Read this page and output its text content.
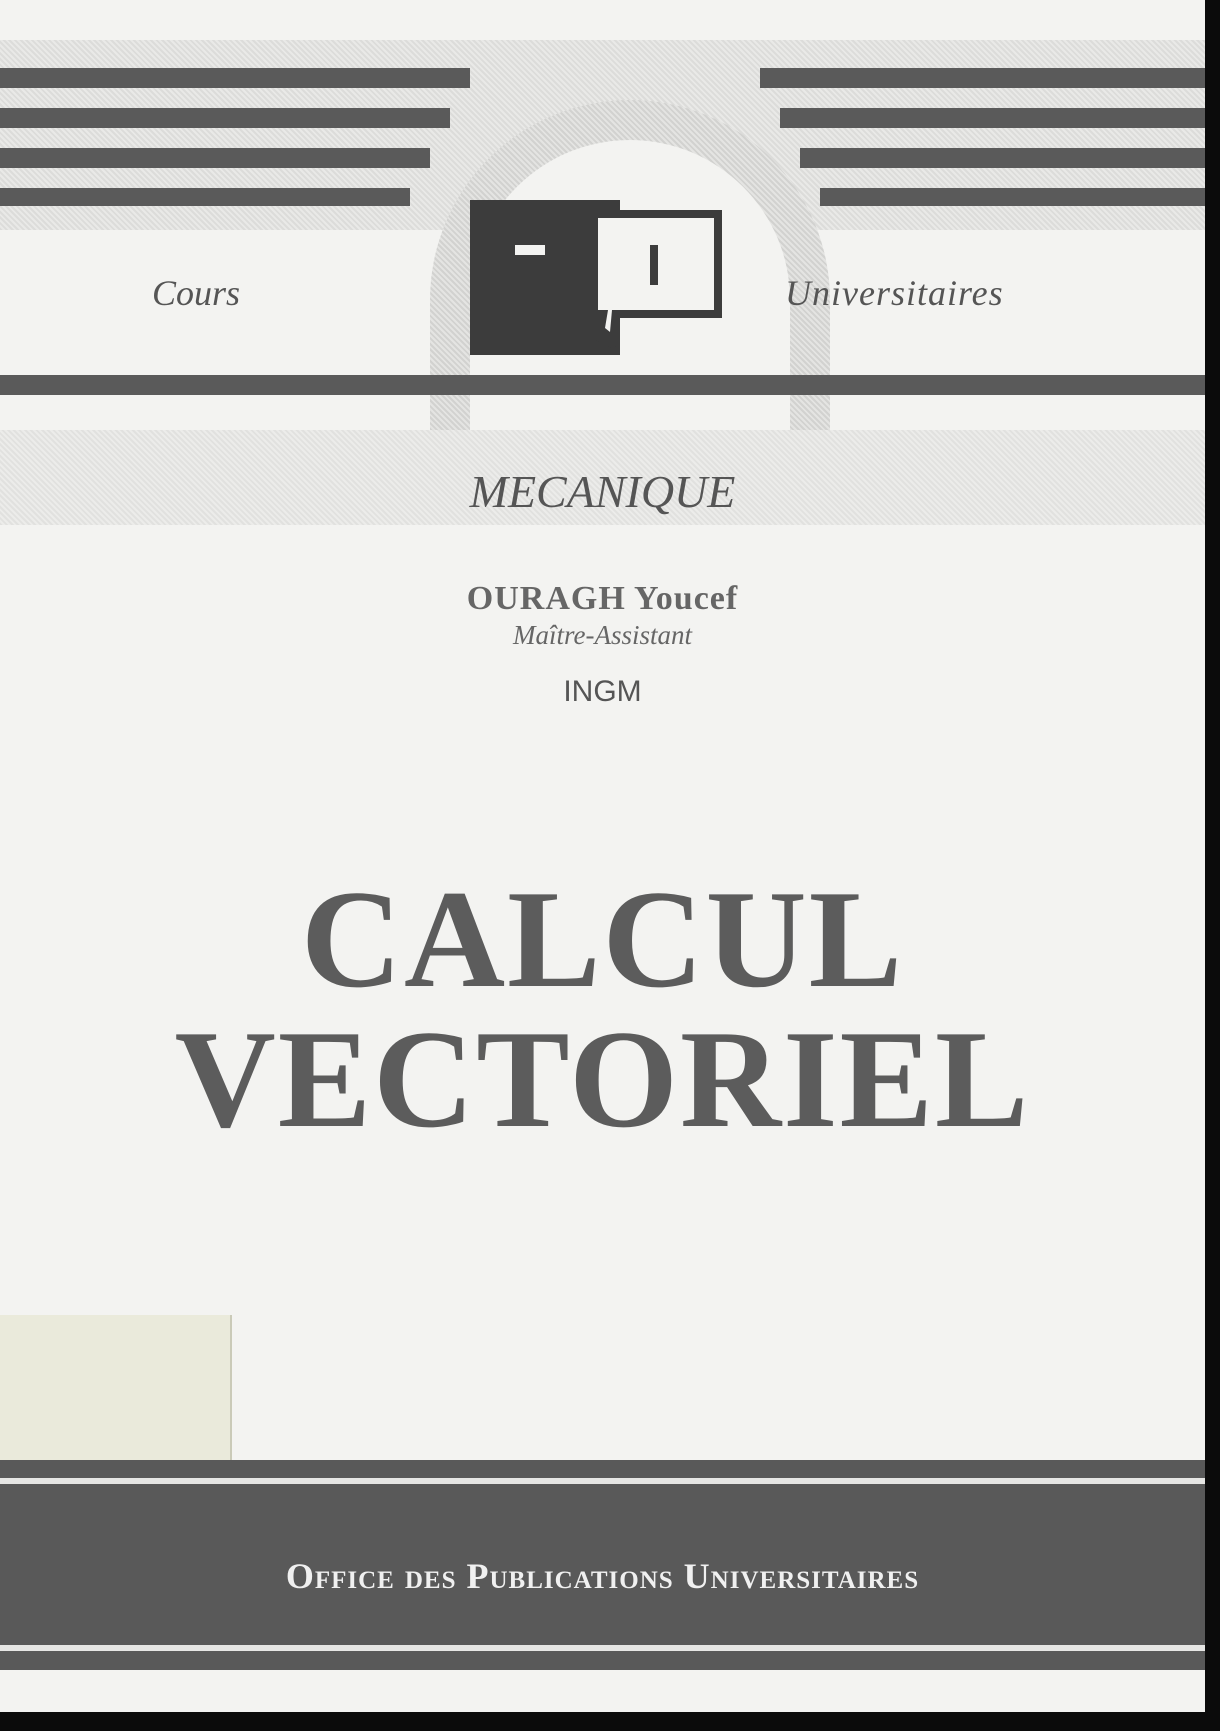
Cours	Universitaires
MECANIQUE
OURAGH Youcef
Maître-Assistant
INGM
CALCUL
VECTORIEL
Office des Publications Universitaires
